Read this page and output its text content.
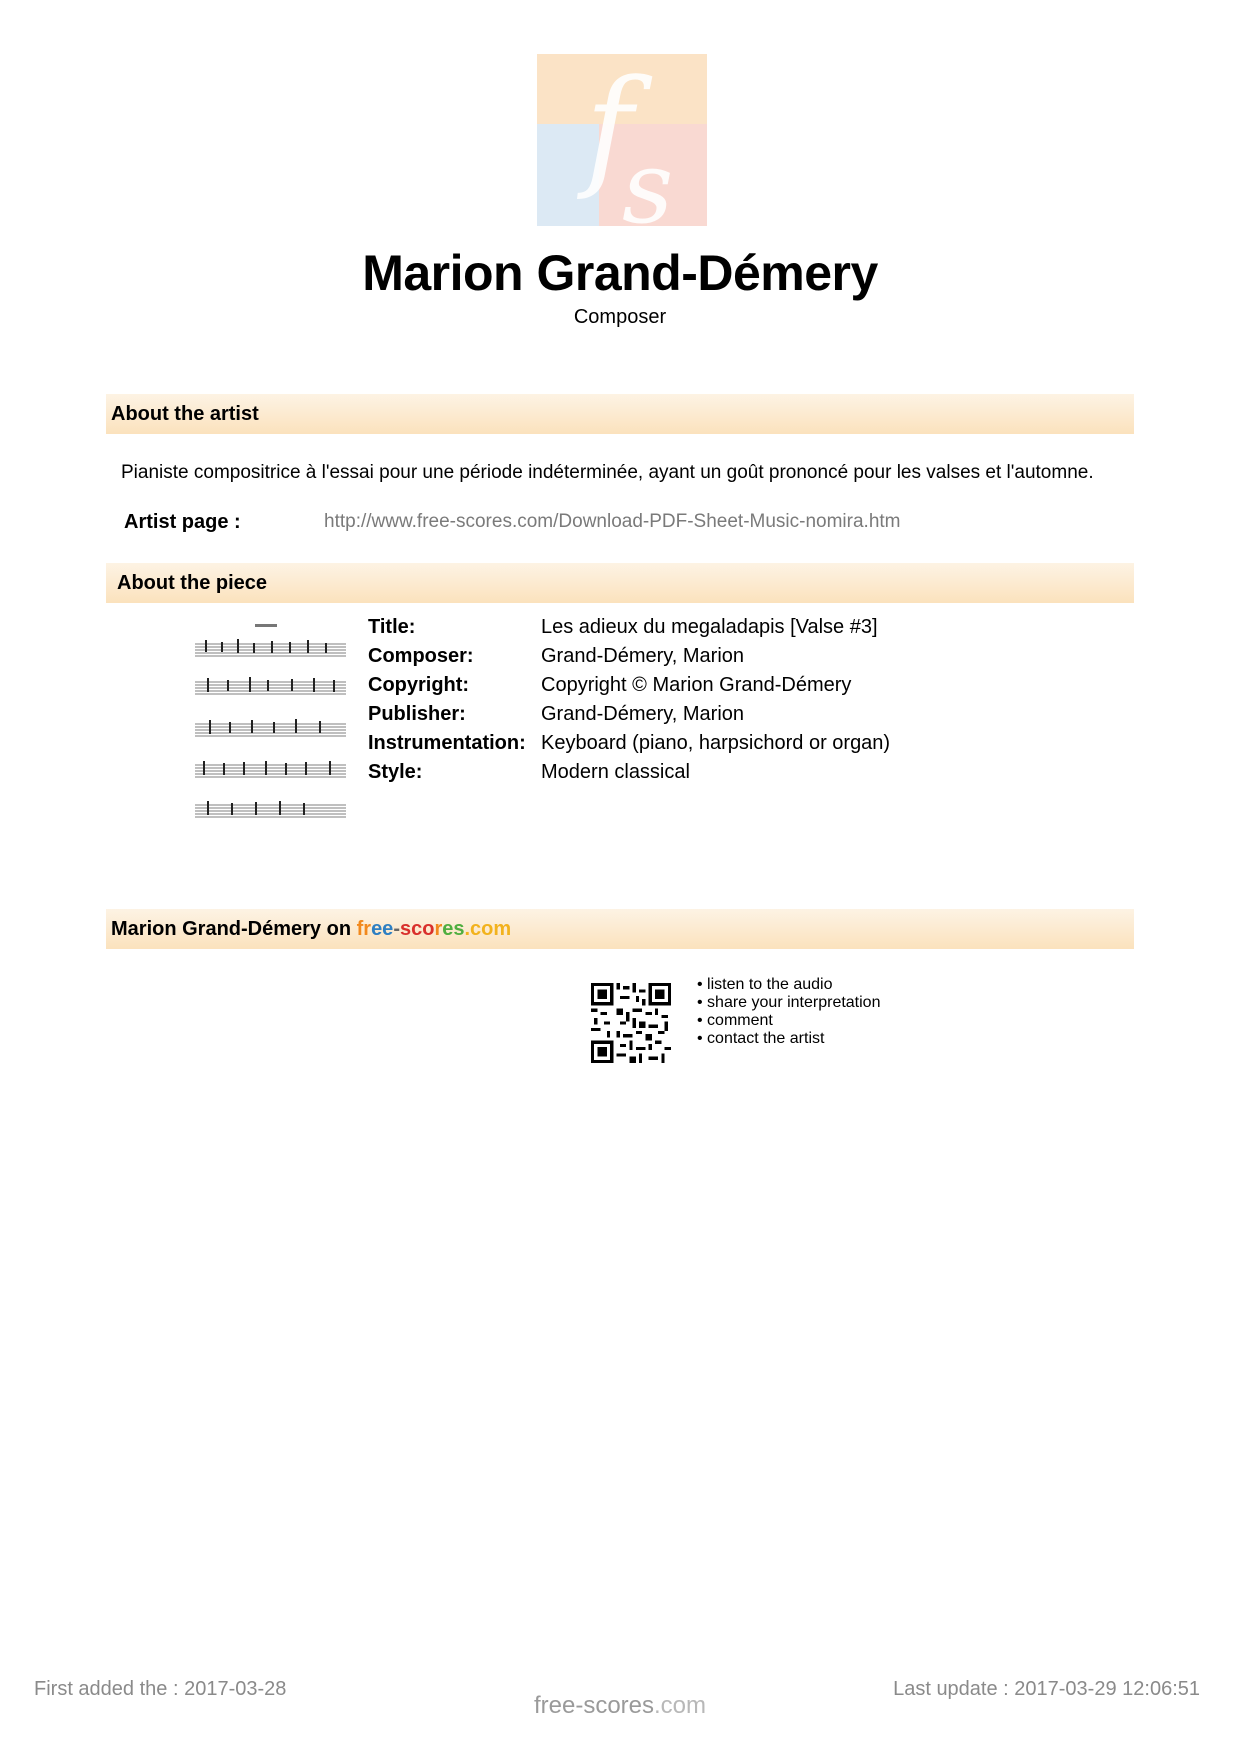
f
s
Marion Grand-Démery
Composer
About the artist
Pianiste compositrice à l'essai pour une période indéterminée, ayant un goût prononcé pour les valses et l'automne.
Artist page :	http://www.free-scores.com/Download-PDF-Sheet-Music-nomira.htm
About the piece
Title:	Les adieux du megaladapis [Valse #3]
Composer:	Grand-Démery, Marion
Copyright:	Copyright © Marion Grand-Démery
Publisher:	Grand-Démery, Marion
Instrumentation: Keyboard (piano, harpsichord or organ)
Style:	Modern classical
Marion Grand-Démery on free-scores.com
• listen to the audio
• share your interpretation
• comment
• contact the artist
First added the : 2017-03-28
free-scores.com
Last update : 2017-03-29 12:06:51
